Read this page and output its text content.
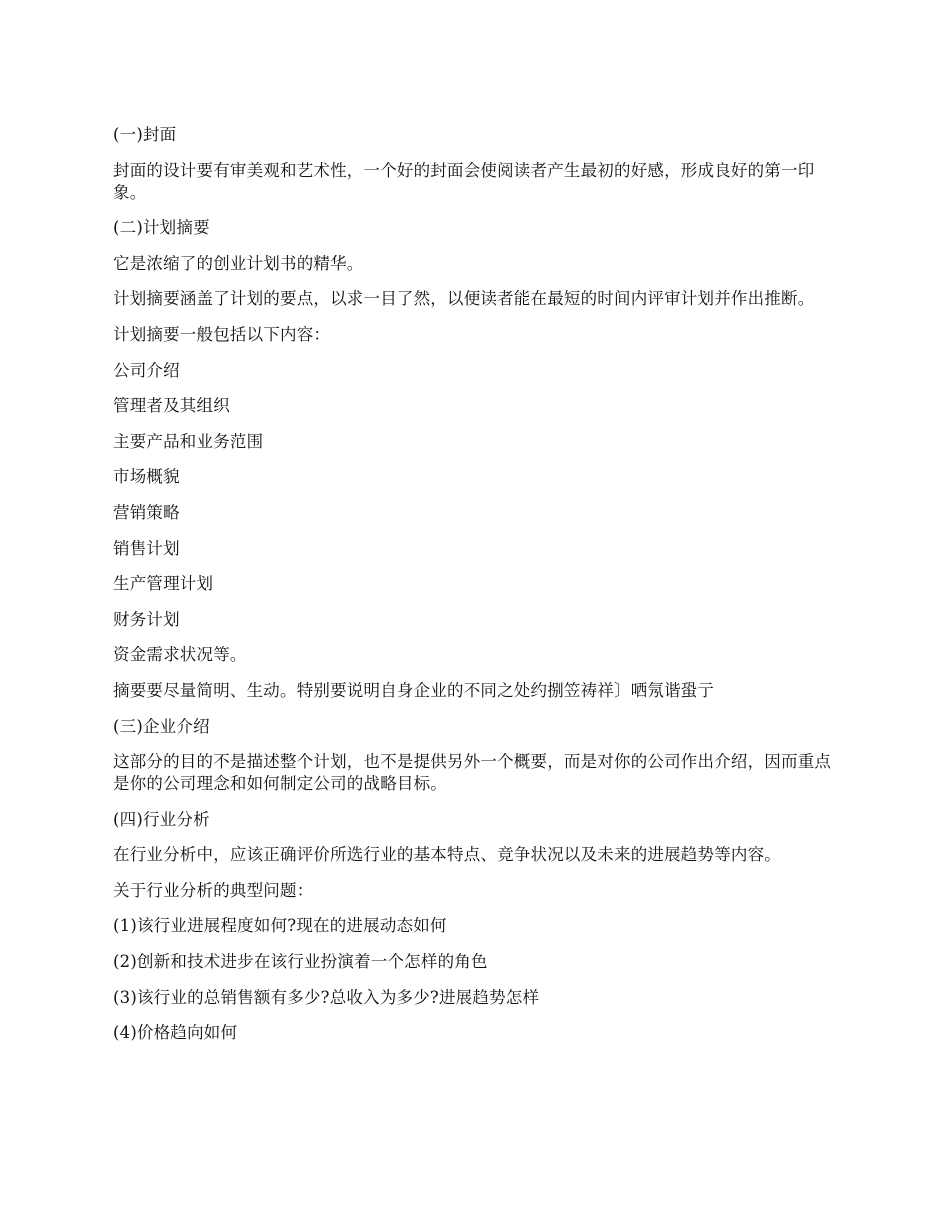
(一)封面

封面的设计要有审美观和艺术性，一个好的封面会使阅读者产生最初的好感，形成良好的第一印象。

(二)计划摘要

它是浓缩了的创业计划书的精华。

计划摘要涵盖了计划的要点，以求一目了然，以便读者能在最短的时间内评审计划并作出推断。

计划摘要一般包括以下内容：

公司介绍

管理者及其组织

主要产品和业务范围

市场概貌

营销策略

销售计划

生产管理计划

财务计划

资金需求状况等。

摘要要尽量简明、生动。特别要说明自身企业的不同之处约捌笠祷祥〕哂氖谐蛩亍

(三)企业介绍

这部分的目的不是描述整个计划，也不是提供另外一个概要，而是对你的公司作出介绍，因而重点是你的公司理念和如何制定公司的战略目标。

(四)行业分析

在行业分析中，应该正确评价所选行业的基本特点、竞争状况以及未来的进展趋势等内容。

关于行业分析的典型问题：

(1)该行业进展程度如何?现在的进展动态如何

(2)创新和技术进步在该行业扮演着一个怎样的角色

(3)该行业的总销售额有多少?总收入为多少?进展趋势怎样

(4)价格趋向如何
